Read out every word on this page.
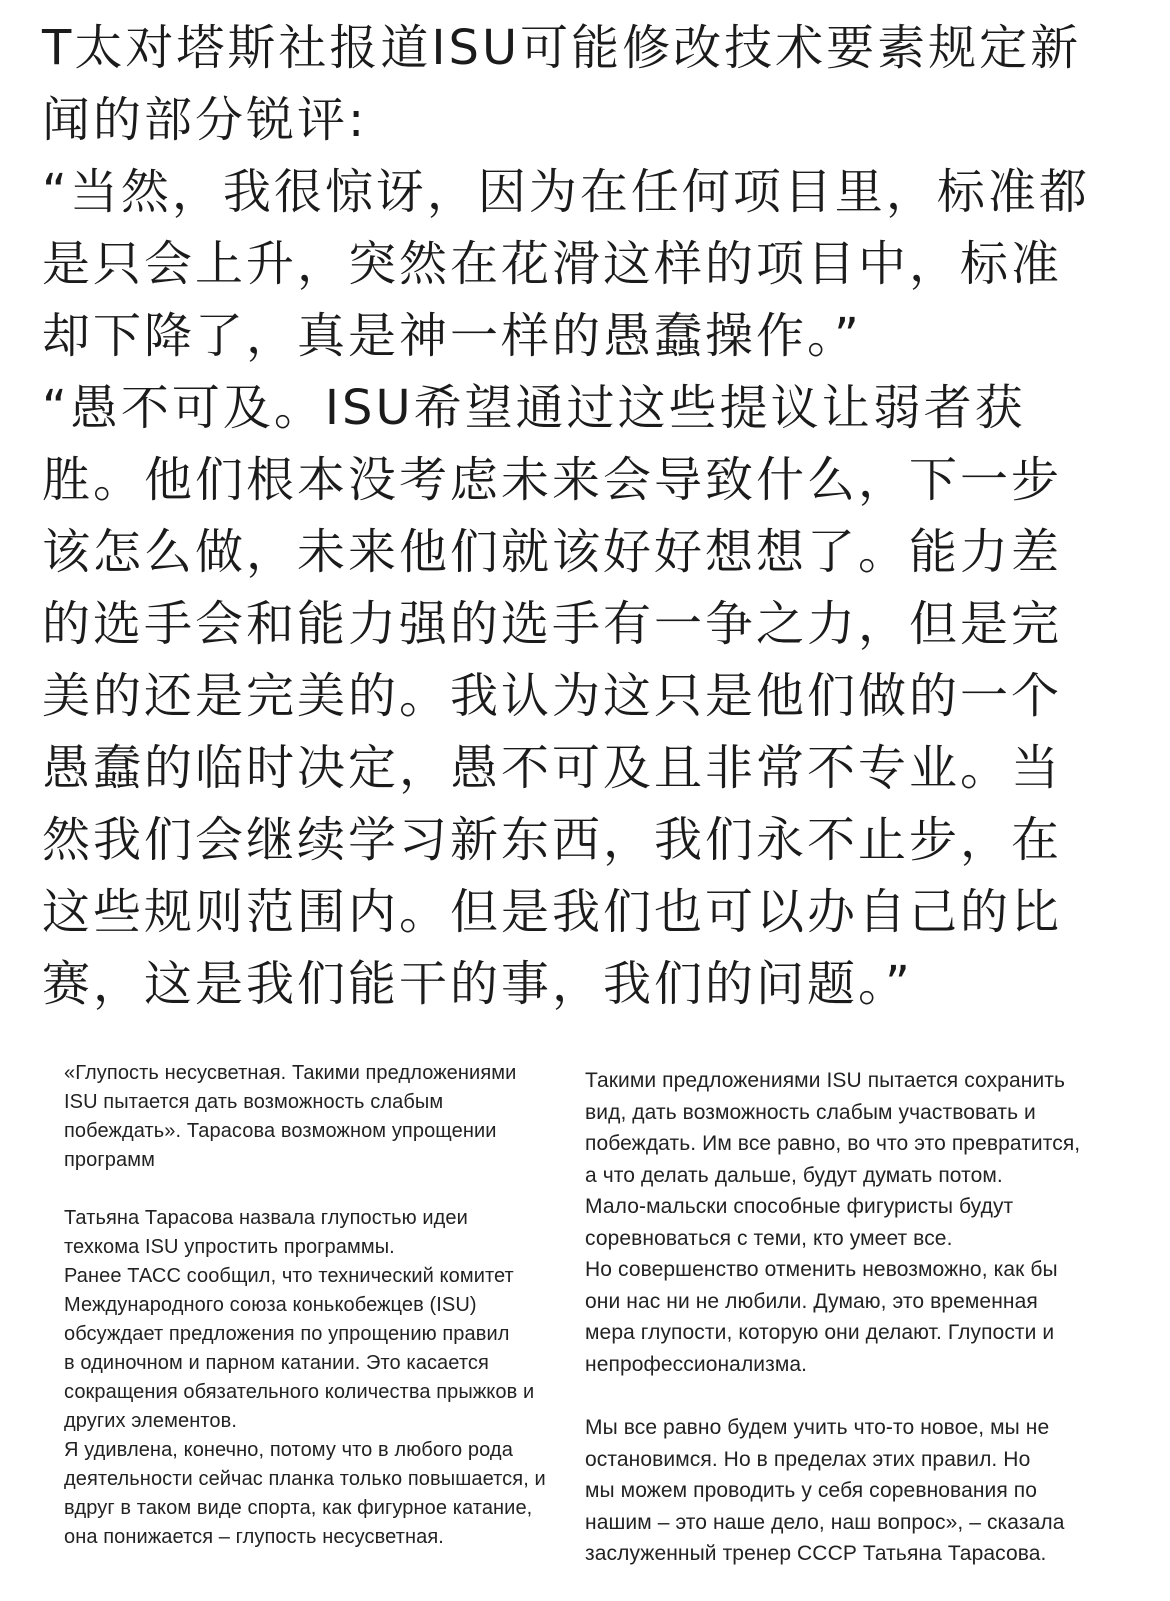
T太对塔斯社报道ISU可能修改技术要素规定新
闻的部分锐评:

“当然，我很惊讶，因为在任何项目里，标准都
是只会上升，突然在花滑这样的项目中，标准
却下降了，真是神一样的愚蠢操作。”

“愚不可及。ISU希望通过这些提议让弱者获
胜。他们根本没考虑未来会导致什么，下一步
该怎么做，未来他们就该好好想想了。能力差
的选手会和能力强的选手有一争之力，但是完
美的还是完美的。我认为这只是他们做的一个
愚蠢的临时决定，愚不可及且非常不专业。当
然我们会继续学习新东西，我们永不止步，在
这些规则范围内。但是我们也可以办自己的比
赛，这是我们能干的事，我们的问题。”

«Глупость несусветная. Такими предложениями
ISU пытается дать возможность слабым
побеждать». Тарасова возможном упрощении
программ

Татьяна Тарасова назвала глупостью идеи
техкома ISU упростить программы.
Ранее ТАСС сообщил, что технический комитет
Международного союза конькобежцев (ISU)
обсуждает предложения по упрощению правил
в одиночном и парном катании. Это касается
сокращения обязательного количества прыжков и
других элементов.
Я удивлена, конечно, потому что в любого рода
деятельности сейчас планка только повышается, и
вдруг в таком виде спорта, как фигурное катание,
она понижается – глупость несусветная.

Такими предложениями ISU пытается сохранить
вид, дать возможность слабым участвовать и
побеждать. Им все равно, во что это превратится,
а что делать дальше, будут думать потом.
Мало-мальски способные фигуристы будут
соревноваться с теми, кто умеет все.
Но совершенство отменить невозможно, как бы
они нас ни не любили. Думаю, это временная
мера глупости, которую они делают. Глупости и
непрофессионализма.

Мы все равно будем учить что-то новое, мы не
остановимся. Но в пределах этих правил. Но
мы можем проводить у себя соревнования по
нашим – это наше дело, наш вопрос», – сказала
заслуженный тренер СССР Татьяна Тарасова.
